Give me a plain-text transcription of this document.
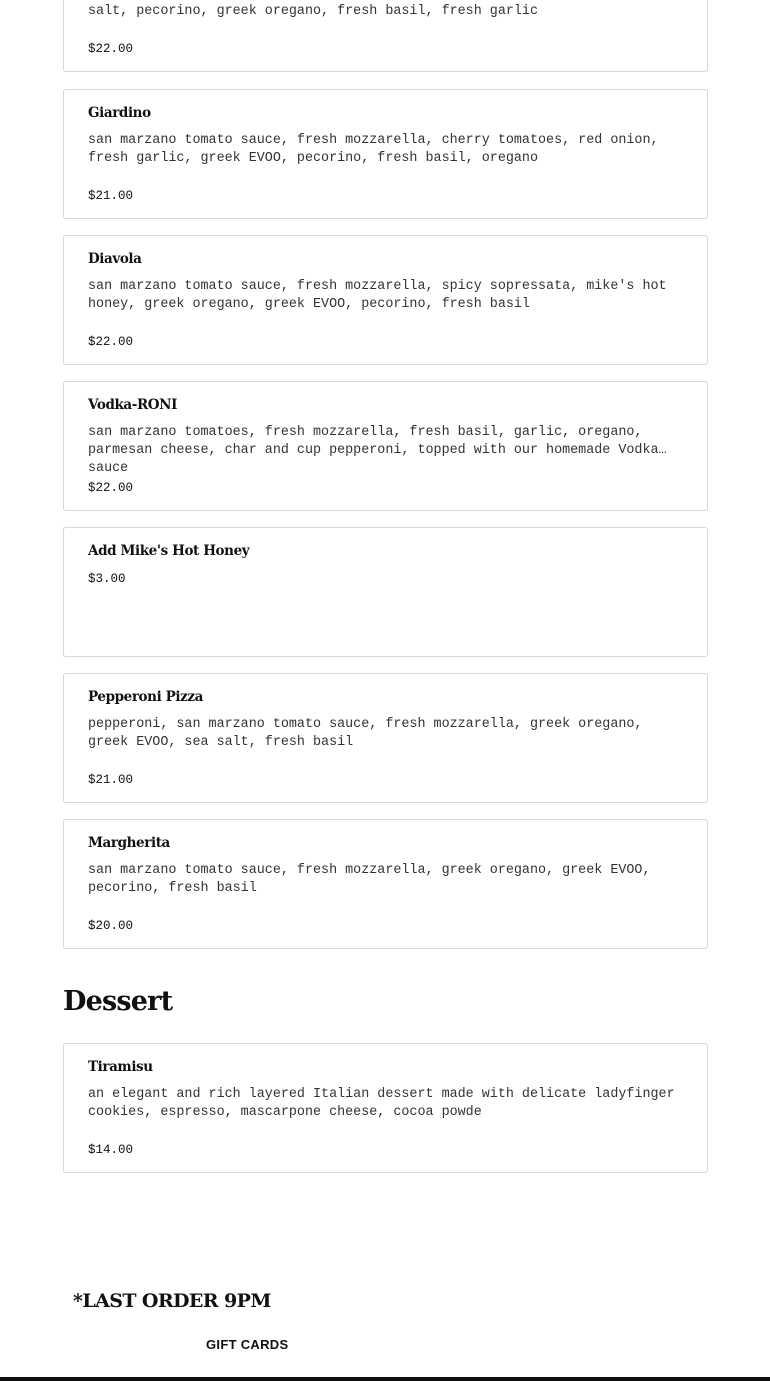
salt, pecorino, greek oregano, fresh basil, fresh garlic
$22.00
Giardino
san marzano tomato sauce, fresh mozzarella, cherry tomatoes, red onion, fresh garlic, greek EVOO, pecorino, fresh basil, oregano
$21.00
Diavola
san marzano tomato sauce, fresh mozzarella, spicy sopressata, mike's hot honey, greek oregano, greek EVOO, pecorino, fresh basil
$22.00
Vodka-RONI
san marzano tomatoes, fresh mozzarella, fresh basil, garlic, oregano, parmesan cheese, char and cup pepperoni, topped with our homemade Vodka sauce
$22.00
Add Mike's Hot Honey
$3.00
Pepperoni Pizza
pepperoni, san marzano tomato sauce, fresh mozzarella, greek oregano, greek EVOO, sea salt, fresh basil
$21.00
Margherita
san marzano tomato sauce, fresh mozzarella, greek oregano, greek EVOO, pecorino, fresh basil
$20.00
Dessert
Tiramisu
an elegant and rich layered Italian dessert made with delicate ladyfinger cookies, espresso, mascarpone cheese, cocoa powde
$14.00
*LAST ORDER 9PM
GIFT CARDS
